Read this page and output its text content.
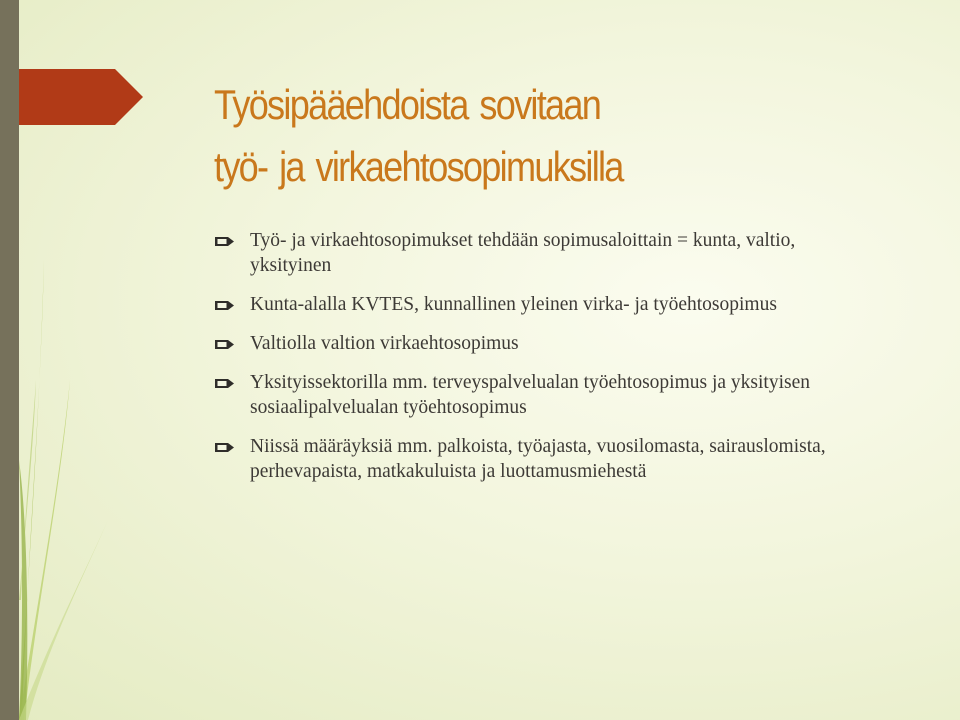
Työsipääehdoista sovitaan
työ- ja virkaehtosopimuksilla
Työ- ja virkaehtosopimukset tehdään sopimusaloittain = kunta, valtio, yksityinen
Kunta-alalla KVTES, kunnallinen yleinen virka- ja työehtosopimus
Valtiolla valtion virkaehtosopimus
Yksityissektorilla mm. terveyspalvelualan työehtosopimus ja yksityisen sosiaalipalvelualan työehtosopimus
Niissä määräyksiä mm. palkoista, työajasta, vuosilomasta, sairauslomista, perhevapaista, matkakuluista ja luottamusmiehestä
